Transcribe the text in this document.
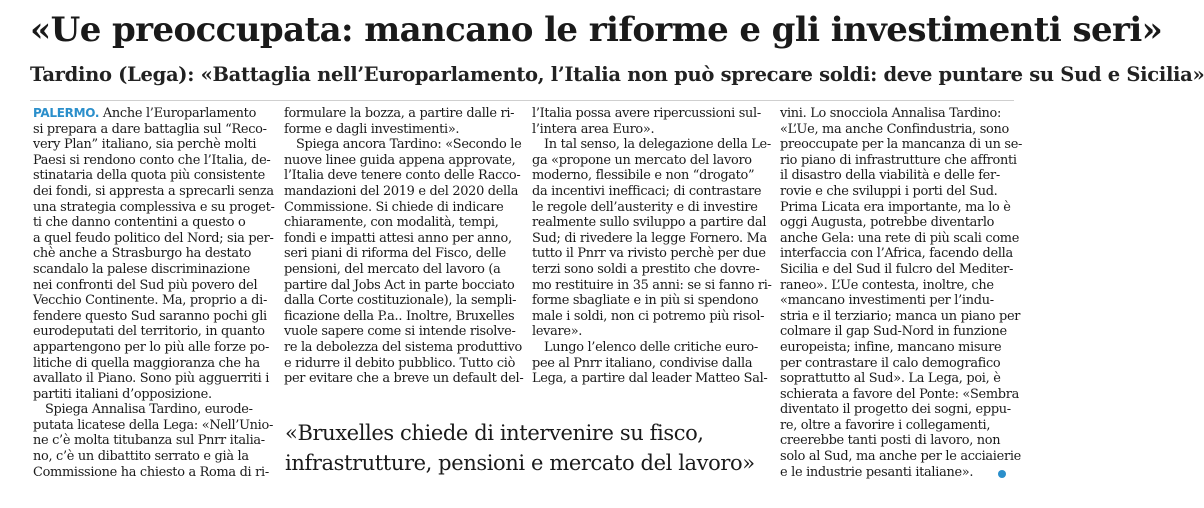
«Ue preoccupata: mancano le riforme e gli investimenti seri»
Tardino (Lega): «Battaglia nell’Europarlamento, l’Italia non può sprecare soldi: deve puntare su Sud e Sicilia»

PALERMO. Anche l’Europarlamento

si prepara a dare battaglia sul “Reco-

very Plan” italiano, sia perchè molti

Paesi si rendono conto che l’Italia, de-

stinataria della quota più consistente

dei fondi, si appresta a sprecarli senza

una strategia complessiva e su proget-

ti che danno contentini a questo o

a quel feudo politico del Nord; sia per-

chè anche a Strasburgo ha destato

scandalo la palese discriminazione

nei confronti del Sud più povero del

Vecchio Continente. Ma, proprio a di-

fendere questo Sud saranno pochi gli

eurodeputati del territorio, in quanto

appartengono per lo più alle forze po-

litiche di quella maggioranza che ha

avallato il Piano. Sono più agguerriti i

partiti italiani d’opposizione.

Spiega Annalisa Tardino, eurode-

putata licatese della Lega: «Nell’Unio-

ne c’è molta titubanza sul Pnrr italia-

no, c’è un dibattito serrato e già la

Commissione ha chiesto a Roma di ri-

formulare la bozza, a partire dalle ri-

forme e dagli investimenti».

Spiega ancora Tardino: «Secondo le

nuove linee guida appena approvate,

l’Italia deve tenere conto delle Racco-

mandazioni del 2019 e del 2020 della

Commissione. Si chiede di indicare

chiaramente, con modalità, tempi,

fondi e impatti attesi anno per anno,

seri piani di riforma del Fisco, delle

pensioni, del mercato del lavoro (a

partire dal Jobs Act in parte bocciato

dalla Corte costituzionale), la sempli-

ficazione della P.a.. Inoltre, Bruxelles

vuole sapere come si intende risolve-

re la debolezza del sistema produttivo

e ridurre il debito pubblico. Tutto ciò

per evitare che a breve un default del-

l’Italia possa avere ripercussioni sul-

l’intera area Euro».

In tal senso, la delegazione della Le-

ga «propone un mercato del lavoro

moderno, flessibile e non “drogato”

da incentivi inefficaci; di contrastare

le regole dell’austerity e di investire

realmente sullo sviluppo a partire dal

Sud; di rivedere la legge Fornero. Ma

tutto il Pnrr va rivisto perchè per due

terzi sono soldi a prestito che dovre-

mo restituire in 35 anni: se si fanno ri-

forme sbagliate e in più si spendono

male i soldi, non ci potremo più risol-

levare».

Lungo l’elenco delle critiche euro-

pee al Pnrr italiano, condivise dalla

Lega, a partire dal leader Matteo Sal-

vini. Lo snocciola Annalisa Tardino:

«L’Ue, ma anche Confindustria, sono

preoccupate per la mancanza di un se-

rio piano di infrastrutture che affronti

il disastro della viabilità e delle fer-

rovie e che sviluppi i porti del Sud.

Prima Licata era importante, ma lo è

oggi Augusta, potrebbe diventarlo

anche Gela: una rete di più scali come

interfaccia con l’Africa, facendo della

Sicilia e del Sud il fulcro del Mediter-

raneo». L’Ue contesta, inoltre, che

«mancano investimenti per l’indu-

stria e il terziario; manca un piano per

colmare il gap Sud-Nord in funzione

europeista; infine, mancano misure

per contrastare il calo demografico

soprattutto al Sud». La Lega, poi, è

schierata a favore del Ponte: «Sembra

diventato il progetto dei sogni, eppu-

re, oltre a favorire i collegamenti,

creerebbe tanti posti di lavoro, non

solo al Sud, ma anche per le acciaierie

e le industrie pesanti italiane».

«Bruxelles chiede di intervenire su fisco,
infrastrutture, pensioni e mercato del lavoro»
